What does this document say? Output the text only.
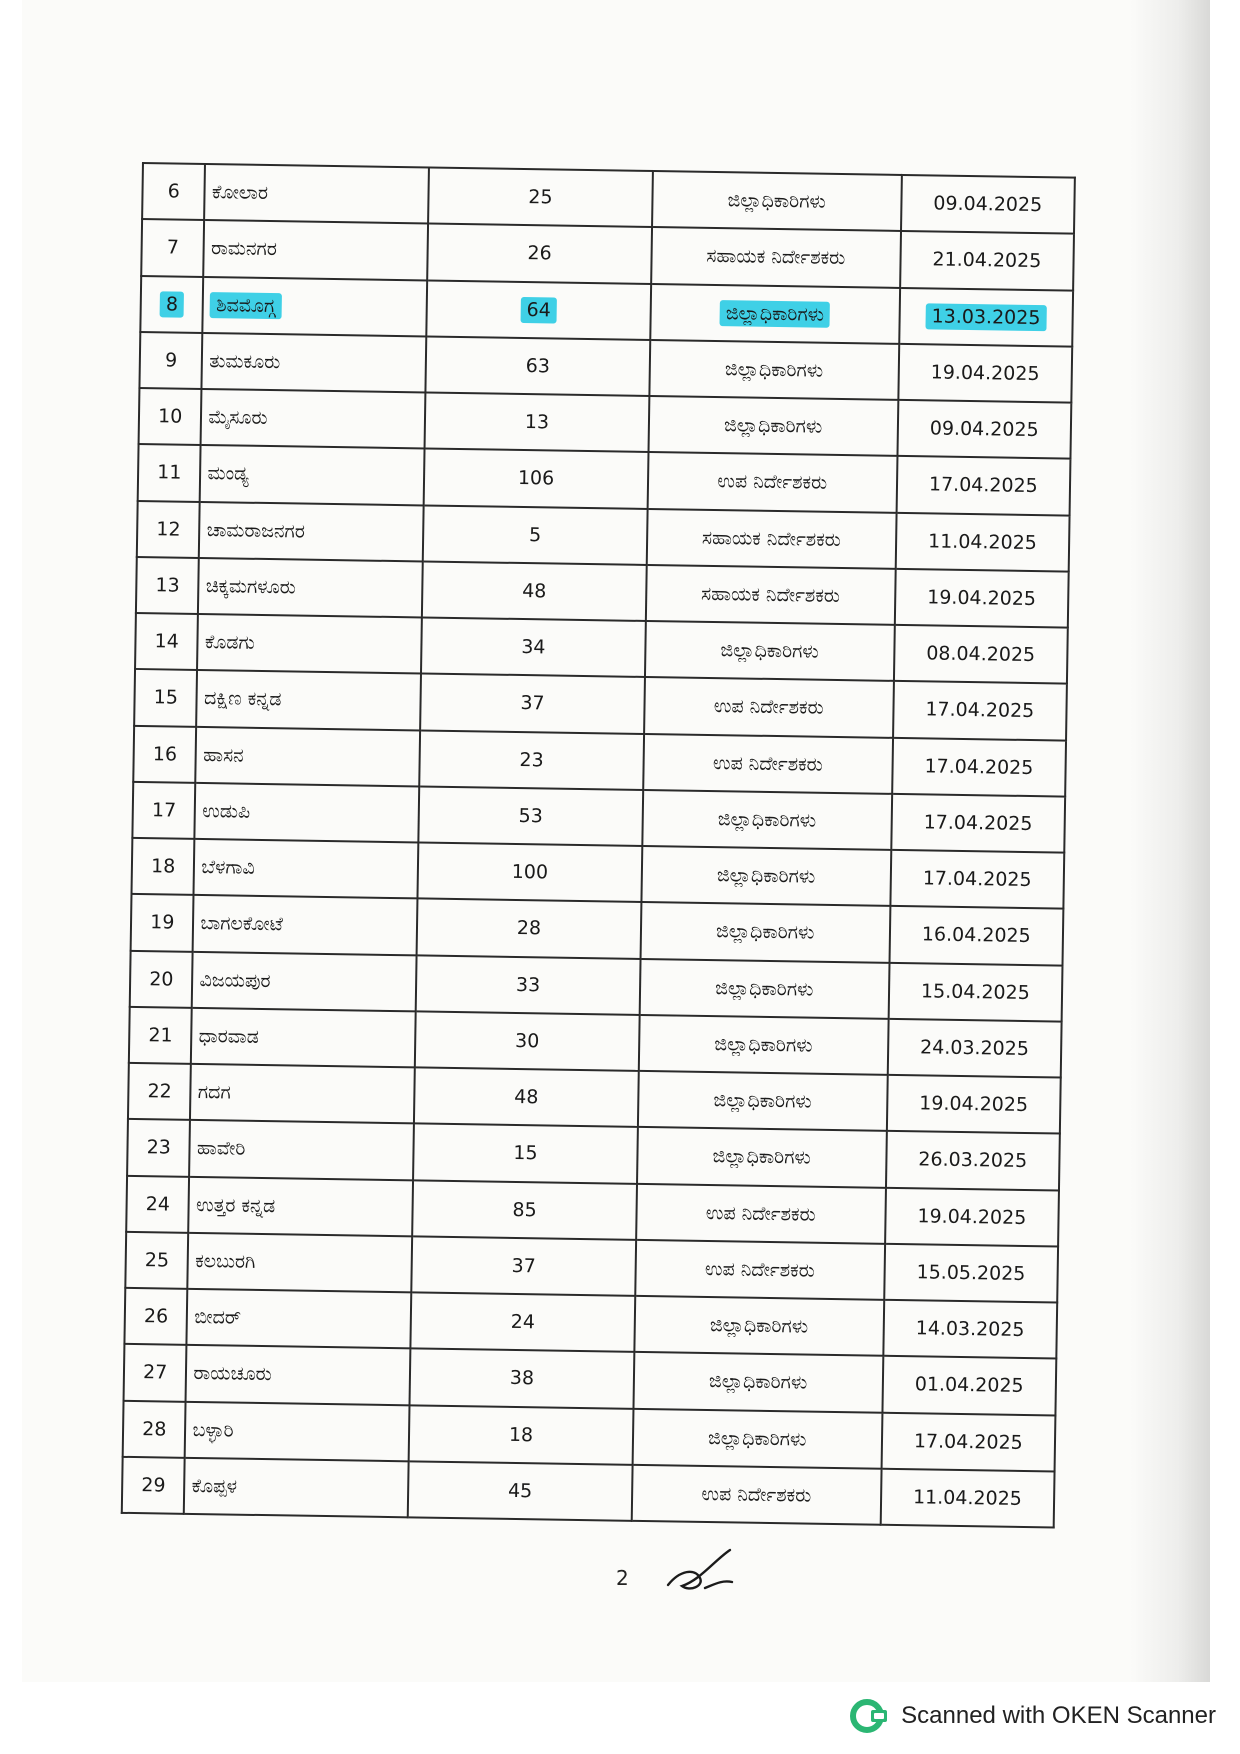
6	ಕೋಲಾರ	25	ಜಿಲ್ಲಾಧಿಕಾರಿಗಳು	09.04.2025
7	ರಾಮನಗರ	26	ಸಹಾಯಕ ನಿರ್ದೇಶಕರು	21.04.2025
8	ಶಿವಮೊಗ್ಗ	64	ಜಿಲ್ಲಾಧಿಕಾರಿಗಳು	13.03.2025
9	ತುಮಕೂರು	63	ಜಿಲ್ಲಾಧಿಕಾರಿಗಳು	19.04.2025
10	ಮೈಸೂರು	13	ಜಿಲ್ಲಾಧಿಕಾರಿಗಳು	09.04.2025
11	ಮಂಡ್ಯ	106	ಉಪ ನಿರ್ದೇಶಕರು	17.04.2025
12	ಚಾಮರಾಜನಗರ	5	ಸಹಾಯಕ ನಿರ್ದೇಶಕರು	11.04.2025
13	ಚಿಕ್ಕಮಗಳೂರು	48	ಸಹಾಯಕ ನಿರ್ದೇಶಕರು	19.04.2025
14	ಕೊಡಗು	34	ಜಿಲ್ಲಾಧಿಕಾರಿಗಳು	08.04.2025
15	ದಕ್ಷಿಣ ಕನ್ನಡ	37	ಉಪ ನಿರ್ದೇಶಕರು	17.04.2025
16	ಹಾಸನ	23	ಉಪ ನಿರ್ದೇಶಕರು	17.04.2025
17	ಉಡುಪಿ	53	ಜಿಲ್ಲಾಧಿಕಾರಿಗಳು	17.04.2025
18	ಬೆಳಗಾವಿ	100	ಜಿಲ್ಲಾಧಿಕಾರಿಗಳು	17.04.2025
19	ಬಾಗಲಕೋಟೆ	28	ಜಿಲ್ಲಾಧಿಕಾರಿಗಳು	16.04.2025
20	ವಿಜಯಪುರ	33	ಜಿಲ್ಲಾಧಿಕಾರಿಗಳು	15.04.2025
21	ಧಾರವಾಡ	30	ಜಿಲ್ಲಾಧಿಕಾರಿಗಳು	24.03.2025
22	ಗದಗ	48	ಜಿಲ್ಲಾಧಿಕಾರಿಗಳು	19.04.2025
23	ಹಾವೇರಿ	15	ಜಿಲ್ಲಾಧಿಕಾರಿಗಳು	26.03.2025
24	ಉತ್ತರ ಕನ್ನಡ	85	ಉಪ ನಿರ್ದೇಶಕರು	19.04.2025
25	ಕಲಬುರಗಿ	37	ಉಪ ನಿರ್ದೇಶಕರು	15.05.2025
26	ಬೀದರ್	24	ಜಿಲ್ಲಾಧಿಕಾರಿಗಳು	14.03.2025
27	ರಾಯಚೂರು	38	ಜಿಲ್ಲಾಧಿಕಾರಿಗಳು	01.04.2025
28	ಬಳ್ಳಾರಿ	18	ಜಿಲ್ಲಾಧಿಕಾರಿಗಳು	17.04.2025
29	ಕೊಪ್ಪಳ	45	ಉಪ ನಿರ್ದೇಶಕರು	11.04.2025
2
Scanned with OKEN Scanner
